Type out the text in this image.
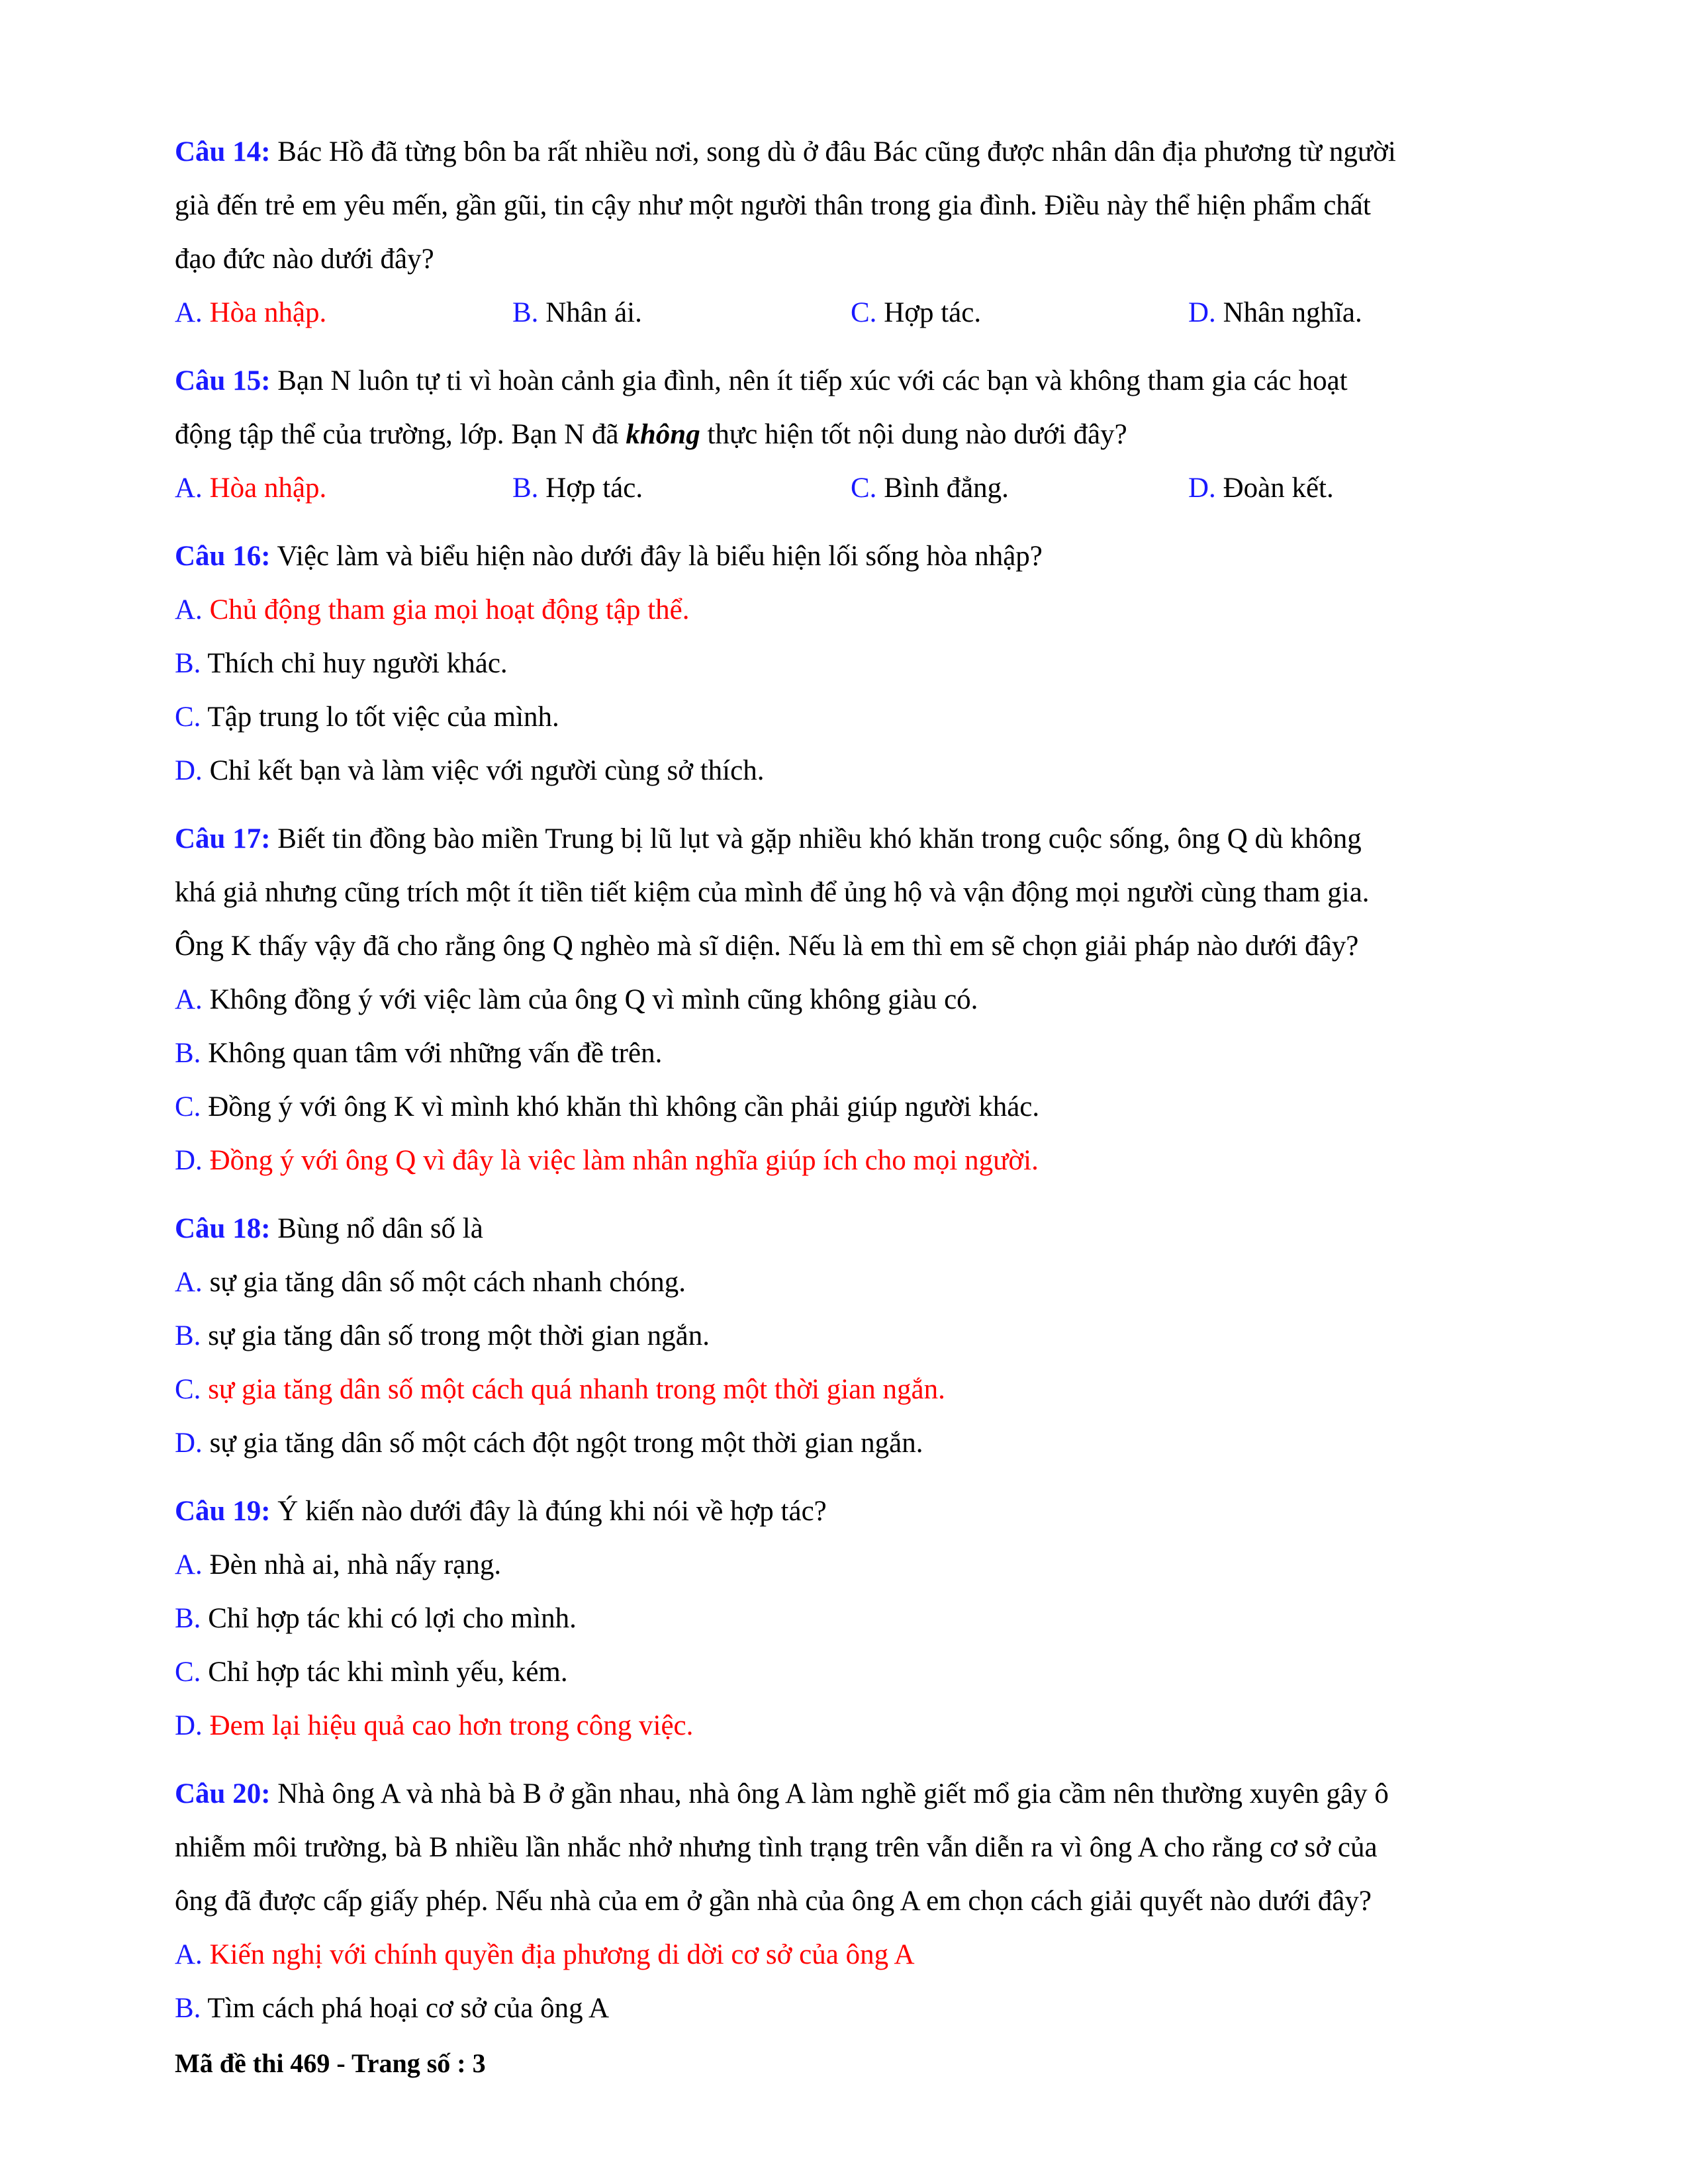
Câu 14: Bác Hồ đã từng bôn ba rất nhiều nơi, song dù ở đâu Bác cũng được nhân dân địa phương từ người
già đến trẻ em yêu mến, gần gũi, tin cậy như một người thân trong gia đình. Điều này thể hiện phẩm chất
đạo đức nào dưới đây?
A. Hòa nhập.	B. Nhân ái.	C. Hợp tác.	D. Nhân nghĩa.
Câu 15: Bạn N luôn tự ti vì hoàn cảnh gia đình, nên ít tiếp xúc với các bạn và không tham gia các hoạt
động tập thể của trường, lớp. Bạn N đã không thực hiện tốt nội dung nào dưới đây?
A. Hòa nhập.	B. Hợp tác.	C. Bình đẳng.	D. Đoàn kết.
Câu 16: Việc làm và biểu hiện nào dưới đây là biểu hiện lối sống hòa nhập?
A. Chủ động tham gia mọi hoạt động tập thể.
B. Thích chỉ huy người khác.
C. Tập trung lo tốt việc của mình.
D. Chỉ kết bạn và làm việc với người cùng sở thích.
Câu 17: Biết tin đồng bào miền Trung bị lũ lụt và gặp nhiều khó khăn trong cuộc sống, ông Q dù không
khá giả nhưng cũng trích một ít tiền tiết kiệm của mình để ủng hộ và vận động mọi người cùng tham gia.
Ông K thấy vậy đã cho rằng ông Q nghèo mà sĩ diện. Nếu là em thì em sẽ chọn giải pháp nào dưới đây?
A. Không đồng ý với việc làm của ông Q vì mình cũng không giàu có.
B. Không quan tâm với những vấn đề trên.
C. Đồng ý với ông K vì mình khó khăn thì không cần phải giúp người khác.
D. Đồng ý với ông Q vì đây là việc làm nhân nghĩa giúp ích cho mọi người.
Câu 18: Bùng nổ dân số là
A. sự gia tăng dân số một cách nhanh chóng.
B. sự gia tăng dân số trong một thời gian ngắn.
C. sự gia tăng dân số một cách quá nhanh trong một thời gian ngắn.
D. sự gia tăng dân số một cách đột ngột trong một thời gian ngắn.
Câu 19: Ý kiến nào dưới đây là đúng khi nói về hợp tác?
A. Đèn nhà ai, nhà nấy rạng.
B. Chỉ hợp tác khi có lợi cho mình.
C. Chỉ hợp tác khi mình yếu, kém.
D. Đem lại hiệu quả cao hơn trong công việc.
Câu 20: Nhà ông A và nhà bà B ở gần nhau, nhà ông A làm nghề giết mổ gia cầm nên thường xuyên gây ô
nhiễm môi trường, bà B nhiều lần nhắc nhở nhưng tình trạng trên vẫn diễn ra vì ông A cho rằng cơ sở của
ông đã được cấp giấy phép. Nếu nhà của em ở gần nhà của ông A em chọn cách giải quyết nào dưới đây?
A. Kiến nghị với chính quyền địa phương di dời cơ sở của ông A
B. Tìm cách phá hoại cơ sở của ông A
Mã đề thi 469 - Trang số : 3
